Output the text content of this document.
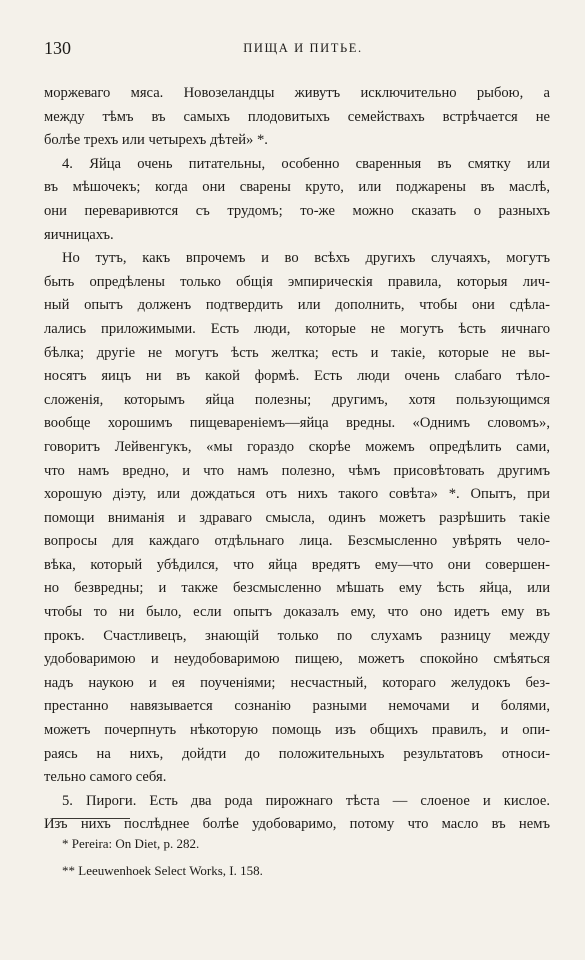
130	ПИЩА И ПИТЬЕ.

моржеваго мяса. Новозеландцы живутъ исключительно рыбою, а
между тѣмъ въ самыхъ плодовитыхъ семействахъ встрѣчается не
болѣе трехъ или четырехъ дѣтей» *.

4. Яйца очень питательны, особенно сваренныя въ смятку или
въ мѣшочекъ; когда они сварены круто, или поджарены въ маслѣ,
они переваривются съ трудомъ; то-же можно сказать о разныхъ
яичницахъ.

Но тутъ, какъ впрочемъ и во всѣхъ другихъ случаяхъ, могутъ
быть опредѣлены только общія эмпирическія правила, которыя лич-
ный опытъ долженъ подтвердить или дополнить, чтобы они сдѣла-
лались приложимыми. Есть люди, которые не могутъ ѣсть яичнаго
бѣлка; другіе не могутъ ѣсть желтка; есть и такіе, которые не вы-
носятъ яицъ ни въ какой формѣ. Есть люди очень слабаго тѣло-
сложенія, которымъ яйца полезны; другимъ, хотя пользующимся
вообще хорошимъ пищевареніемъ—яйца вредны. «Однимъ словомъ»,
говоритъ Лейвенгукъ, «мы гораздо скорѣе можемъ опредѣлить сами,
что намъ вредно, и что намъ полезно, чѣмъ присовѣтовать другимъ
хорошую діэту, или дождаться отъ нихъ такого совѣта» *. Опытъ, при
помощи вниманія и здраваго смысла, одинъ можетъ разрѣшить такіе
вопросы для каждаго отдѣльнаго лица. Безсмысленно увѣрять чело-
вѣка, который убѣдился, что яйца вредятъ ему—что они совершен-
но безвредны; и также безсмысленно мѣшать ему ѣсть яйца, или
чтобы то ни было, если опытъ доказалъ ему, что оно идетъ ему въ
прокъ. Счастливецъ, знающій только по слухамъ разницу между
удобоваримою и неудобоваримою пищею, можетъ спокойно смѣяться
надъ наукою и ея поученіями; несчастный, котораго желудокъ без-
престанно навязывается сознанію разными немочами и болями,
можетъ почерпнуть нѣкоторую помощь изъ общихъ правилъ, и опи-
раясь на нихъ, дойдти до положительныхъ результатовъ относи-
тельно самого себя.

5. Пироги. Есть два рода пирожнаго тѣста — слоеное и кислое.
Изъ нихъ послѣднее болѣе удобоваримо, потому что масло въ немъ

* Pereira: On Diet, p. 282.
** Leeuwenhoek Select Works, I. 158.
